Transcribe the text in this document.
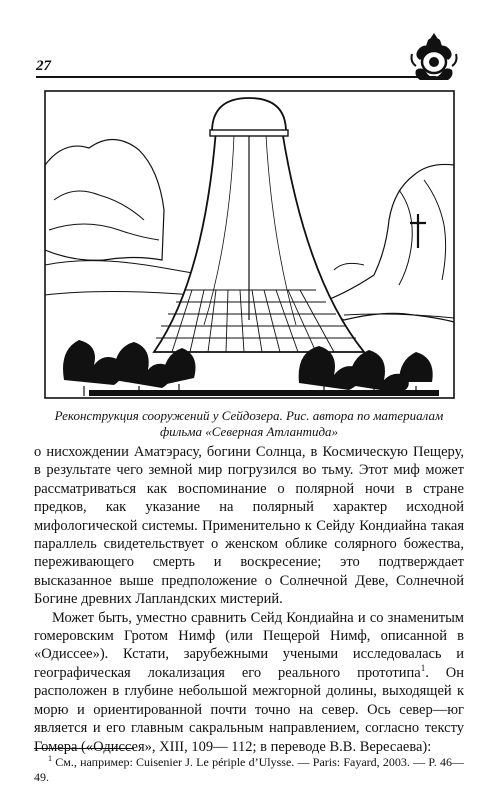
27
Реконструкция сооружений у Сейдозера. Рис. автора по материалам фильма «Северная Атлантида»

о нисхождении Аматэрасу, богини Солнца, в Космическую Пещеру, в результате чего земной мир погрузился во тьму. Этот миф может рассматриваться как воспоминание о полярной ночи в стране предков, как указание на полярный характер исходной мифологической системы. Применительно к Сейду Кондиайна такая параллель свидетельствует о женском облике солярного божества, переживающего смерть и воскресение; это подтверждает высказанное выше предположение о Солнечной Деве, Солнечной Богине древних Лапландских мистерий.

Может быть, уместно сравнить Сейд Кондиайна и со знаменитым гомеровским Гротом Нимф (или Пещерой Нимф, описанной в «Одиссее»). Кстати, зарубежными учеными исследовалась и географическая локализация его реального прототипа$^1$. Он расположен в глубине небольшой межгорной долины, выходящей к морю и ориентированной почти точно на север. Ось север—юг является и его главным сакральным направлением, согласно тексту Гомера («Одиссея», XIII, 109— 112; в переводе В.В. Вересаева):

$^1$ См., например: Cuisenier J. Le périple d’Ulysse. — Paris: Fayard, 2003. — P. 46—49.
